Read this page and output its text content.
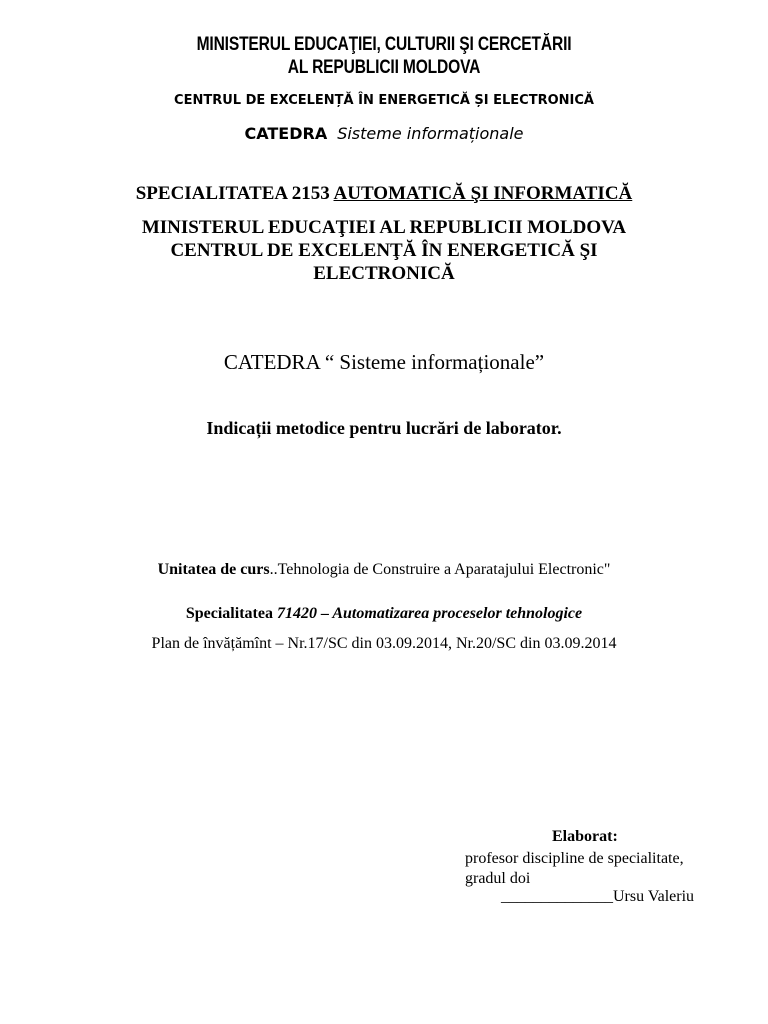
MINISTERUL EDUCAŢIEI, CULTURII ŞI CERCETĂRII
AL REPUBLICII MOLDOVA
CENTRUL DE EXCELENȚĂ ÎN ENERGETICĂ ȘI ELECTRONICĂ
CATEDRA Sisteme informaționale
SPECIALITATEA 2153 AUTOMATICĂ ŞI INFORMATICĂ
MINISTERUL EDUCAŢIEI AL REPUBLICII MOLDOVA
CENTRUL DE EXCELENŢĂ ÎN ENERGETICĂ ŞI
ELECTRONICĂ
CATEDRA “ Sisteme informaționale”
Indicații metodice pentru lucrări de laborator.
Unitatea de curs..Tehnologia de Construire a Aparatajului Electronic"
Specialitatea 71420 – Automatizarea proceselor tehnologice
Plan de învățămînt – Nr.17/SC din 03.09.2014, Nr.20/SC din 03.09.2014
Elaborat:
profesor discipline de specialitate,
gradul doi
______________Ursu Valeriu
